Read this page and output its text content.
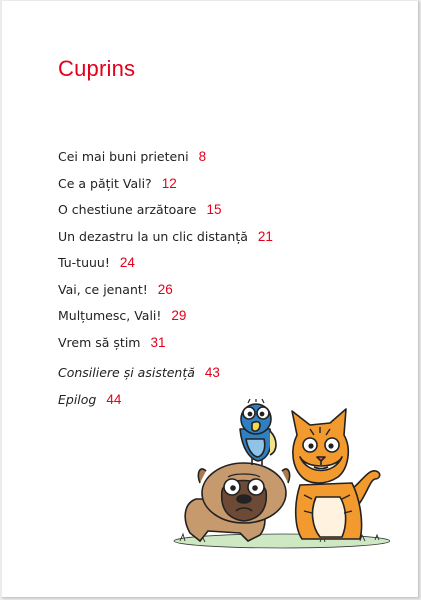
Cuprins
Cei mai buni prieteni 8
Ce a pățit Vali? 12
O chestiune arzătoare 15
Un dezastru la un clic distanță 21
Tu-tuuu! 24
Vai, ce jenant! 26
Mulțumesc, Vali! 29
Vrem să știm 31
Consiliere și asistență 43
Epilog 44
